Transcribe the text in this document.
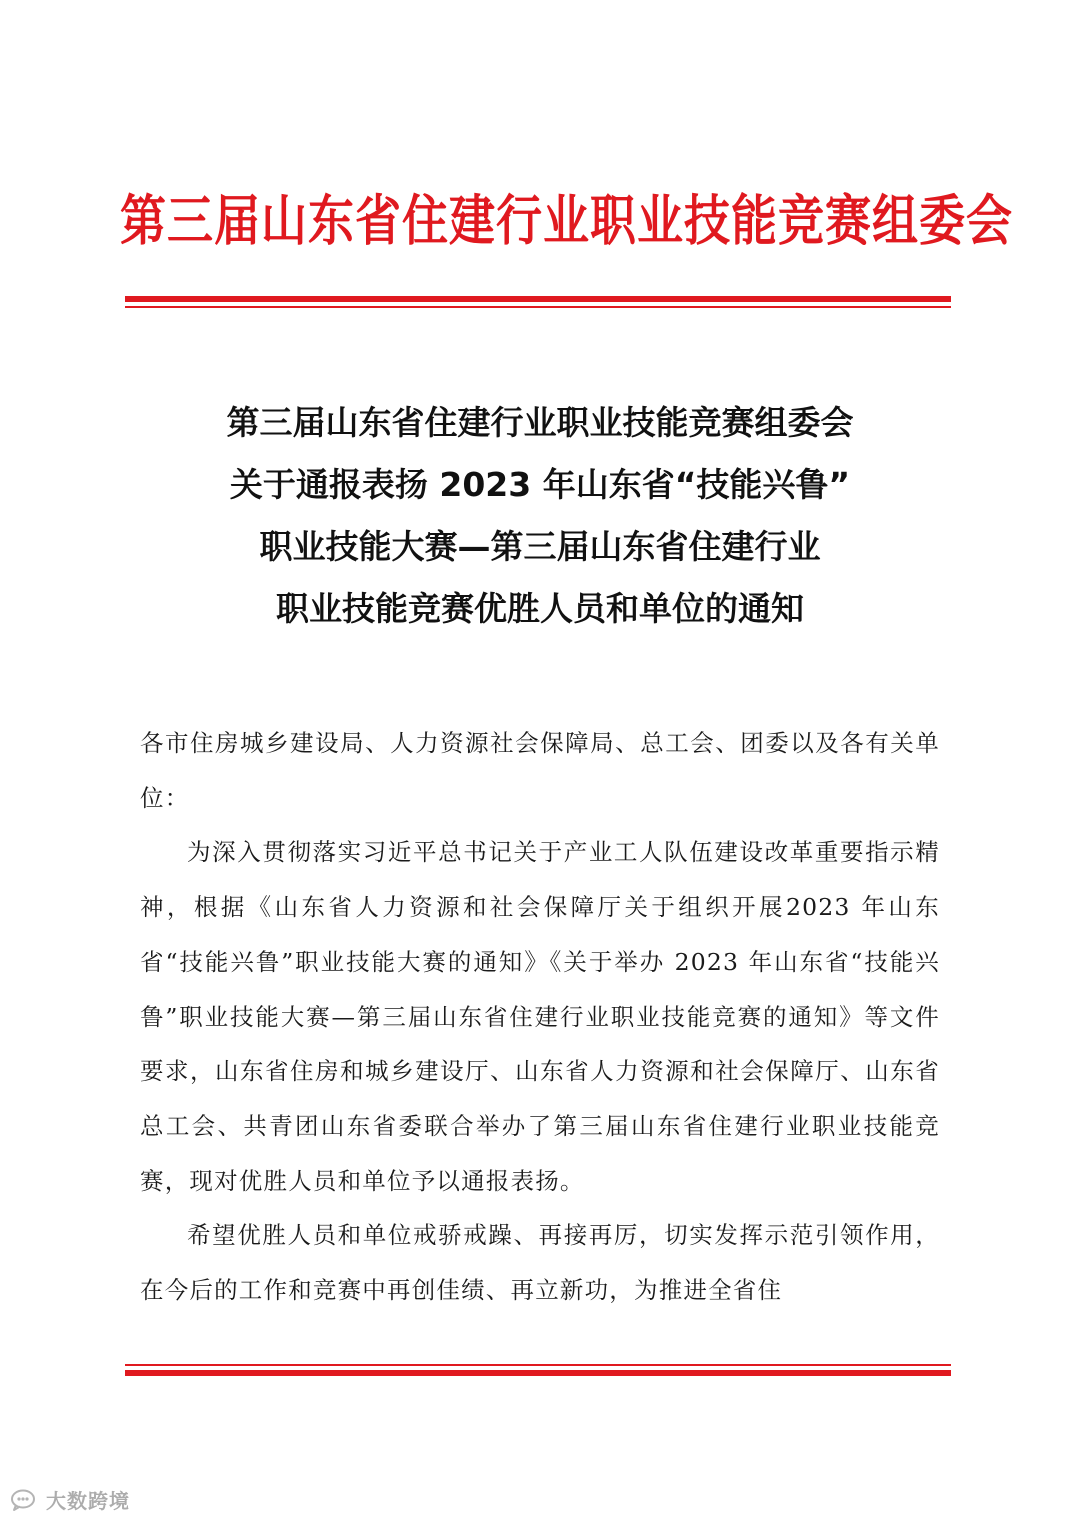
第三届山东省住建行业职业技能竞赛组委会
第三届山东省住建行业职业技能竞赛组委会
关于通报表扬 2023 年山东省“技能兴鲁”
职业技能大赛—第三届山东省住建行业
职业技能竞赛优胜人员和单位的通知

各市住房城乡建设局、人力资源社会保障局、总工会、团委以及各有关单位：

为深入贯彻落实习近平总书记关于产业工人队伍建设改革重要指示精神，根据《山东省人力资源和社会保障厅关于组织开展2023 年山东省“技能兴鲁”职业技能大赛的通知》《关于举办 2023 年山东省“技能兴鲁”职业技能大赛—第三届山东省住建行业职业技能竞赛的通知》等文件要求，山东省住房和城乡建设厅、山东省人力资源和社会保障厅、山东省总工会、共青团山东省委联合举办了第三届山东省住建行业职业技能竞赛，现对优胜人员和单位予以通报表扬。

希望优胜人员和单位戒骄戒躁、再接再厉，切实发挥示范引领作用，在今后的工作和竞赛中再创佳绩、再立新功，为推进全省住

大数跨境
